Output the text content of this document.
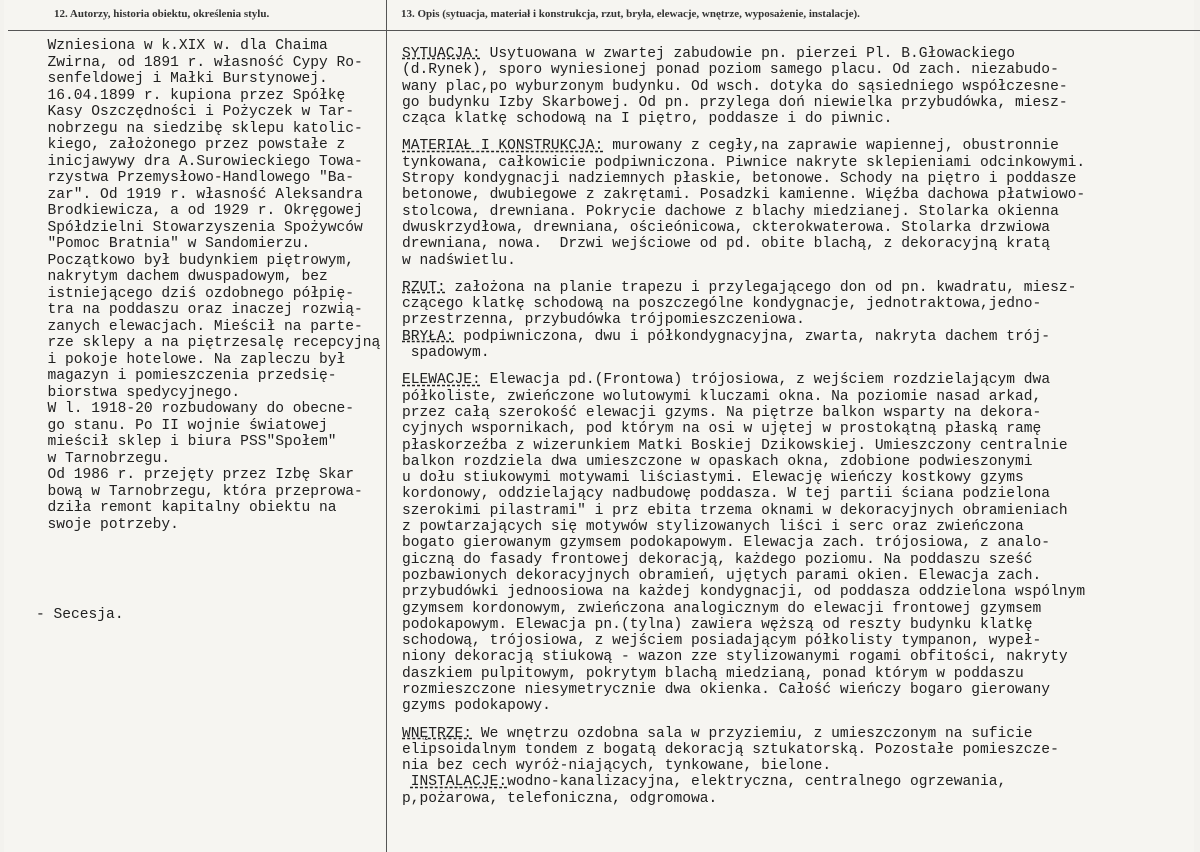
12. Autorzy, historia obiektu, określenia stylu.	13. Opis (sytuacja, materiał i konstrukcja, rzut, bryła, elewacje, wnętrze, wyposażenie, instalacje).
Wzniesiona w k.XIX w. dla Chaima
Zwirna, od 1891 r. własność Cypy Ro-
senfeldowej i Małki Burstynowej.
16.04.1899 r. kupiona przez Spółkę
Kasy Oszczędności i Pożyczek w Tar-
nobrzegu na siedzibę sklepu katolic-
kiego, założonego przez powstałe z
inicjawywy dra A.Surowieckiego Towa-
rzystwa Przemysłowo-Handlowego "Ba-
zar". Od 1919 r. własność Aleksandra
Brodkiewicza, a od 1929 r. Okręgowej
Spółdzielni Stowarzyszenia Spożywców
"Pomoc Bratnia" w Sandomierzu.
Początkowo był budynkiem piętrowym,
nakrytym dachem dwuspadowym, bez
istniejącego dziś ozdobnego półpię-
tra na poddaszu oraz inaczej rozwią-
zanych elewacjach. Mieścił na parte-
rze sklepy a na piętrzesalę recepcyjną
i pokoje hotelowe. Na zapleczu był
magazyn i pomieszczenia przedsię-
biorstwa spedycyjnego.
W l. 1918-20 rozbudowany do obecne-
go stanu. Po II wojnie światowej
mieścił sklep i biura PSS"Społem"
w Tarnobrzegu.
Od 1986 r. przejęty przez Izbę Skar
bową w Tarnobrzegu, która przeprowa-
dziła remont kapitalny obiektu na
swoje potrzeby.
- Secesja.
SYTUACJA: Usytuowana w zwartej zabudowie pn. pierzei Pl. B.Głowackiego
(d.Rynek), sporo wyniesionej ponad poziom samego placu. Od zach. niezabudo-
wany plac,po wyburzonym budynku. Od wsch. dotyka do sąsiedniego współczesne-
go budynku Izby Skarbowej. Od pn. przylega doń niewielka przybudówka, miesz-
cząca klatkę schodową na I piętro, poddasze i do piwnic.
MATERIAŁ I KONSTRUKCJA: murowany z cegły,na zaprawie wapiennej, obustronnie
tynkowana, całkowicie podpiwniczona. Piwnice nakryte sklepieniami odcinkowymi.
Stropy kondygnacji nadziemnych płaskie, betonowe. Schody na piętro i poddasze
betonowe, dwubiegowe z zakrętami. Posadzki kamienne. Więźba dachowa płatwiowo-
stolcowa, drewniana. Pokrycie dachowe z blachy miedzianej. Stolarka okienna
dwuskrzydłowa, drewniana, ościeónicowa, ckterokwaterowa. Stolarka drzwiowa
drewniana, nowa.  Drzwi wejściowe od pd. obite blachą, z dekoracyjną kratą
w nadświetlu.
RZUT: założona na planie trapezu i przylegającego don od pn. kwadratu, miesz-
czącego klatkę schodową na poszczególne kondygnacje, jednotraktowa,jedno-
przestrzenna, przybudówka trójpomieszczeniowa.
BRYŁA: podpiwniczona, dwu i półkondygnacyjna, zwarta, nakryta dachem trój-
spadowym.
ELEWACJE: Elewacja pd.(Frontowa) trójosiowa, z wejściem rozdzielającym dwa
półkoliste, zwieńczone wolutowymi kluczami okna. Na poziomie nasad arkad,
przez całą szerokość elewacji gzyms. Na piętrze balkon wsparty na dekora-
cyjnych wspornikach, pod którym na osi w ujętej w prostokątną płaską ramę
płaskorzeźba z wizerunkiem Matki Boskiej Dzikowskiej. Umieszczony centralnie
balkon rozdziela dwa umieszczone w opaskach okna, zdobione podwieszonymi
u dołu stiukowymi motywami liściastymi. Elewację wieńczy kostkowy gzyms
kordonowy, oddzielający nadbudowę poddasza. W tej partii ściana podzielona
szerokimi pilastrami" i prz ebita trzema oknami w dekoracyjnych obramieniach
z powtarzających się motywów stylizowanych liści i serc oraz zwieńczona
bogato gierowanym gzymsem podokapowym. Elewacja zach. trójosiowa, z analo-
giczną do fasady frontowej dekoracją, każdego poziomu. Na poddaszu sześć
pozbawionych dekoracyjnych obramień, ujętych parami okien. Elewacja zach.
przybudówki jednoosiowa na każdej kondygnacji, od poddasza oddzielona wspólnym
gzymsem kordonowym, zwieńczona analogicznym do elewacji frontowej gzymsem
podokapowym. Elewacja pn.(tylna) zawiera węższą od reszty budynku klatkę
schodową, trójosiowa, z wejściem posiadającym półkolisty tympanon, wypeł-
niony dekoracją stiukową - wazon zze stylizowanymi rogami obfitości, nakryty
daszkiem pulpitowym, pokrytym blachą miedzianą, ponad którym w poddaszu
rozmieszczone niesymetrycznie dwa okienka. Całość wieńczy bogaro gierowany
gzyms podokapowy.
WNĘTRZE: We wnętrzu ozdobna sala w przyziemiu, z umieszczonym na suficie
elipsoidalnym tondem z bogatą dekoracją sztukatorską. Pozostałe pomieszcze-
nia bez cech wyróż-niających, tynkowane, bielone.
INSTALACJE:wodno-kanalizacyjna, elektryczna, centralnego ogrzewania,
p,pożarowa, telefoniczna, odgromowa.
